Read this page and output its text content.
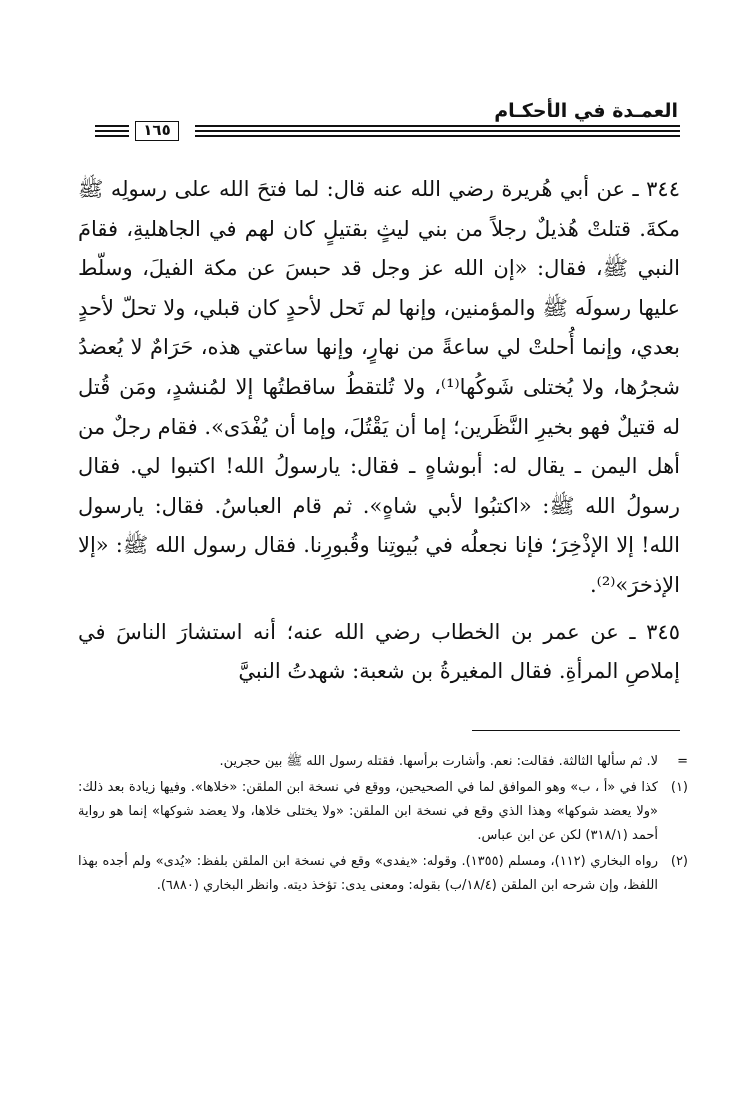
العمـدة في الأحكـام
١٦٥

٣٤٤ ـ عن أبي هُريرة رضي الله عنه قال: لما فتحَ الله على رسولِه ﷺ مكةَ. قتلتْ هُذيلٌ رجلاً من بني ليثٍ بقتيلٍ كان لهم في الجاهليةِ، فقامَ النبي ﷺ، فقال: «إن الله عز وجل قد حبسَ عن مكة الفيلَ، وسلّط عليها رسولَه ﷺ والمؤمنين، وإنها لم تَحل لأحدٍ كان قبلي، ولا تحلّ لأحدٍ بعدي، وإنما أُحلتْ لي ساعةً من نهارٍ، وإنها ساعتي هذه، حَرَامٌ لا يُعضدُ شجرُها، ولا يُختلى شَوكُها⁽¹⁾، ولا تُلتقطُ ساقطتُها إلا لمُنشدٍ، ومَن قُتل له قتيلٌ فهو بخيرِ النَّظَرين؛ إما أن يَقْتُلَ، وإما أن يُفْدَى». فقام رجلٌ من أهل اليمن ـ يقال له: أبوشاهٍ ـ فقال: يارسولُ الله! اكتبوا لي. فقال رسولُ الله ﷺ: «اكتبُوا لأبي شاهٍ». ثم قام العباسُ. فقال: يارسول الله! إلا الإذْخِرَ؛ فإنا نجعلُه في بُيوتِنا وقُبورِنا. فقال رسول الله ﷺ: «إلا الإذخرَ»⁽²⁾.

٣٤٥ ـ عن عمر بن الخطاب رضي الله عنه؛ أنه استشارَ الناسَ في إملاصِ المرأةِ. فقال المغيرةُ بن شعبة: شهدتُ النبيَّ

=
لا. ثم سألها الثالثة. فقالت: نعم. وأشارت برأسها. فقتله رسول الله ﷺ بين حجرين.
(١)
كذا في «أ ، ب» وهو الموافق لما في الصحيحين، ووقع في نسخة ابن الملقن: «خلاها». وفيها زيادة بعد ذلك: «ولا يعضد شوكها» وهذا الذي وقع في نسخة ابن الملقن: «ولا يختلى خلاها، ولا يعضد شوكها» إنما هو رواية أحمد (٣١٨/١) لكن عن ابن عباس.
(٢)
رواه البخاري (١١٢)، ومسلم (١٣٥٥). وقوله: «يفدى» وقع في نسخة ابن الملقن بلفظ: «يُدى» ولم أجده بهذا اللفظ، وإن شرحه ابن الملقن (١٨/٤/ب) بقوله: ومعنى يدى: تؤخذ ديته. وانظر البخاري (٦٨٨٠).
